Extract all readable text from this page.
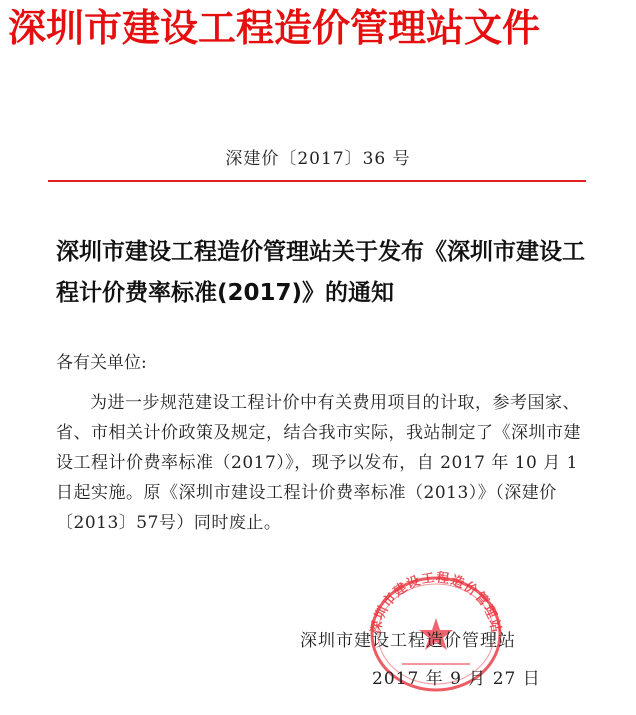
深圳市建设工程造价管理站文件
深建价〔2017〕36 号
深圳市建设工程造价管理站关于发布《深圳市建设工程计价费率标准(2017)》的通知
各有关单位:
为进一步规范建设工程计价中有关费用项目的计取，参考国家、省、市相关计价政策及规定，结合我市实际，我站制定了《深圳市建设工程计价费率标准（2017）》，现予以发布，自 2017 年 10 月 1 日起实施。原《深圳市建设工程计价费率标准（2013）》（深建价〔2013〕57号）同时废止。
深圳市建设工程造价管理站
深圳市建设工程造价管理站
2017 年 9 月 27 日
